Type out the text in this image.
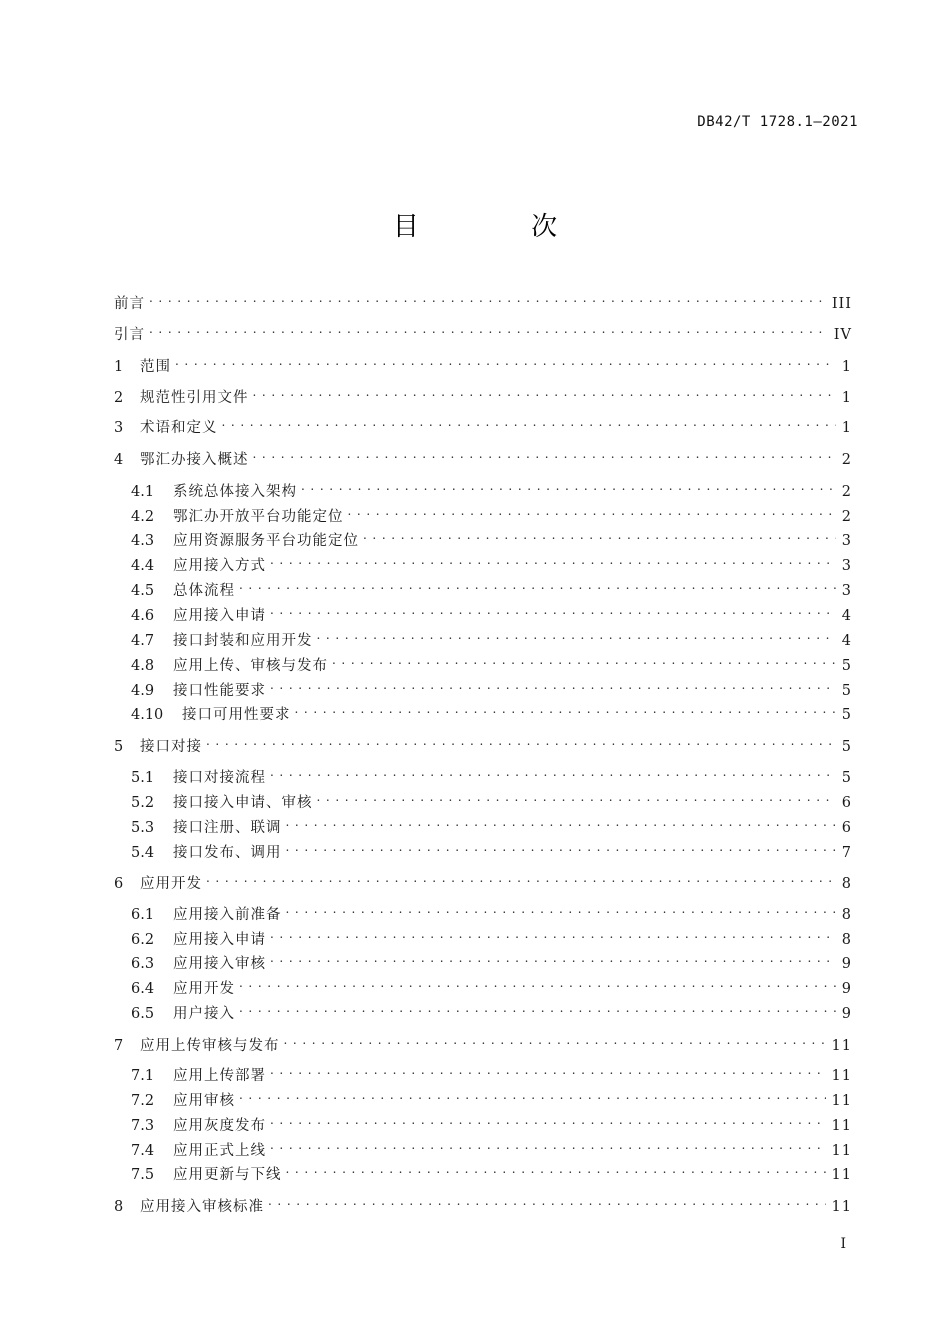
DB42/T 1728.1—2021
目 次
前言 . . .	III
引言 . . .	IV
1	范围 . . .	1
2	规范性引用文件 . . .	1
3	术语和定义 . . .	1
4	鄂汇办接入概述 . . .	2
4.1	系统总体接入架构 . . .	2
4.2	鄂汇办开放平台功能定位 . . .	2
4.3	应用资源服务平台功能定位 . . .	3
4.4	应用接入方式 . . .	3
4.5	总体流程 . . .	3
4.6	应用接入申请 . . .	4
4.7	接口封装和应用开发 . . .	4
4.8	应用上传、审核与发布 . . .	5
4.9	接口性能要求 . . .	5
4.10	接口可用性要求 . . .	5
5	接口对接 . . .	5
5.1	接口对接流程 . . .	5
5.2	接口接入申请、审核 . . .	6
5.3	接口注册、联调 . . .	6
5.4	接口发布、调用 . . .	7
6	应用开发 . . .	8
6.1	应用接入前准备 . . .	8
6.2	应用接入申请 . . .	8
6.3	应用接入审核 . . .	9
6.4	应用开发 . . .	9
6.5	用户接入 . . .	9
7	应用上传审核与发布 . . .	11
7.1	应用上传部署 . . .	11
7.2	应用审核 . . .	11
7.3	应用灰度发布 . . .	11
7.4	应用正式上线 . . .	11
7.5	应用更新与下线 . . .	11
8	应用接入审核标准 . . .	11
I
